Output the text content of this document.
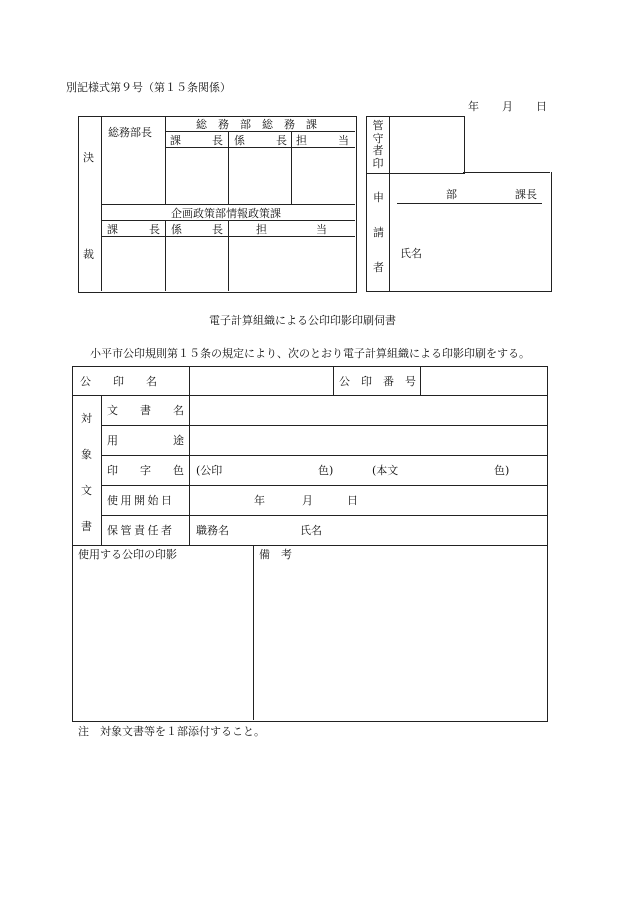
別記様式第９号（第１５条関係）
年 月 日
決
裁
総務部長
総　務　部　総　務　課
課	長 係	長 担	当
企画政策部情報政策課
課	長 係	長	担	当
管守者印
申
請
者
部	課長
氏名
電子計算組織による公印印影印刷伺書
小平市公印規則第１５条の規定により、次のとおり電子計算組織による印影印刷をする。
公　　印　　名	公　印　番　号
対
象
文
書
文　　書　　名
用　　　　　途
印　　字　　色 (公印	色)	(本文	色)
使用開始日	年	月	日
保管責任者 職務名	氏名
使用する公印の印影	備　考
注　対象文書等を１部添付すること。
